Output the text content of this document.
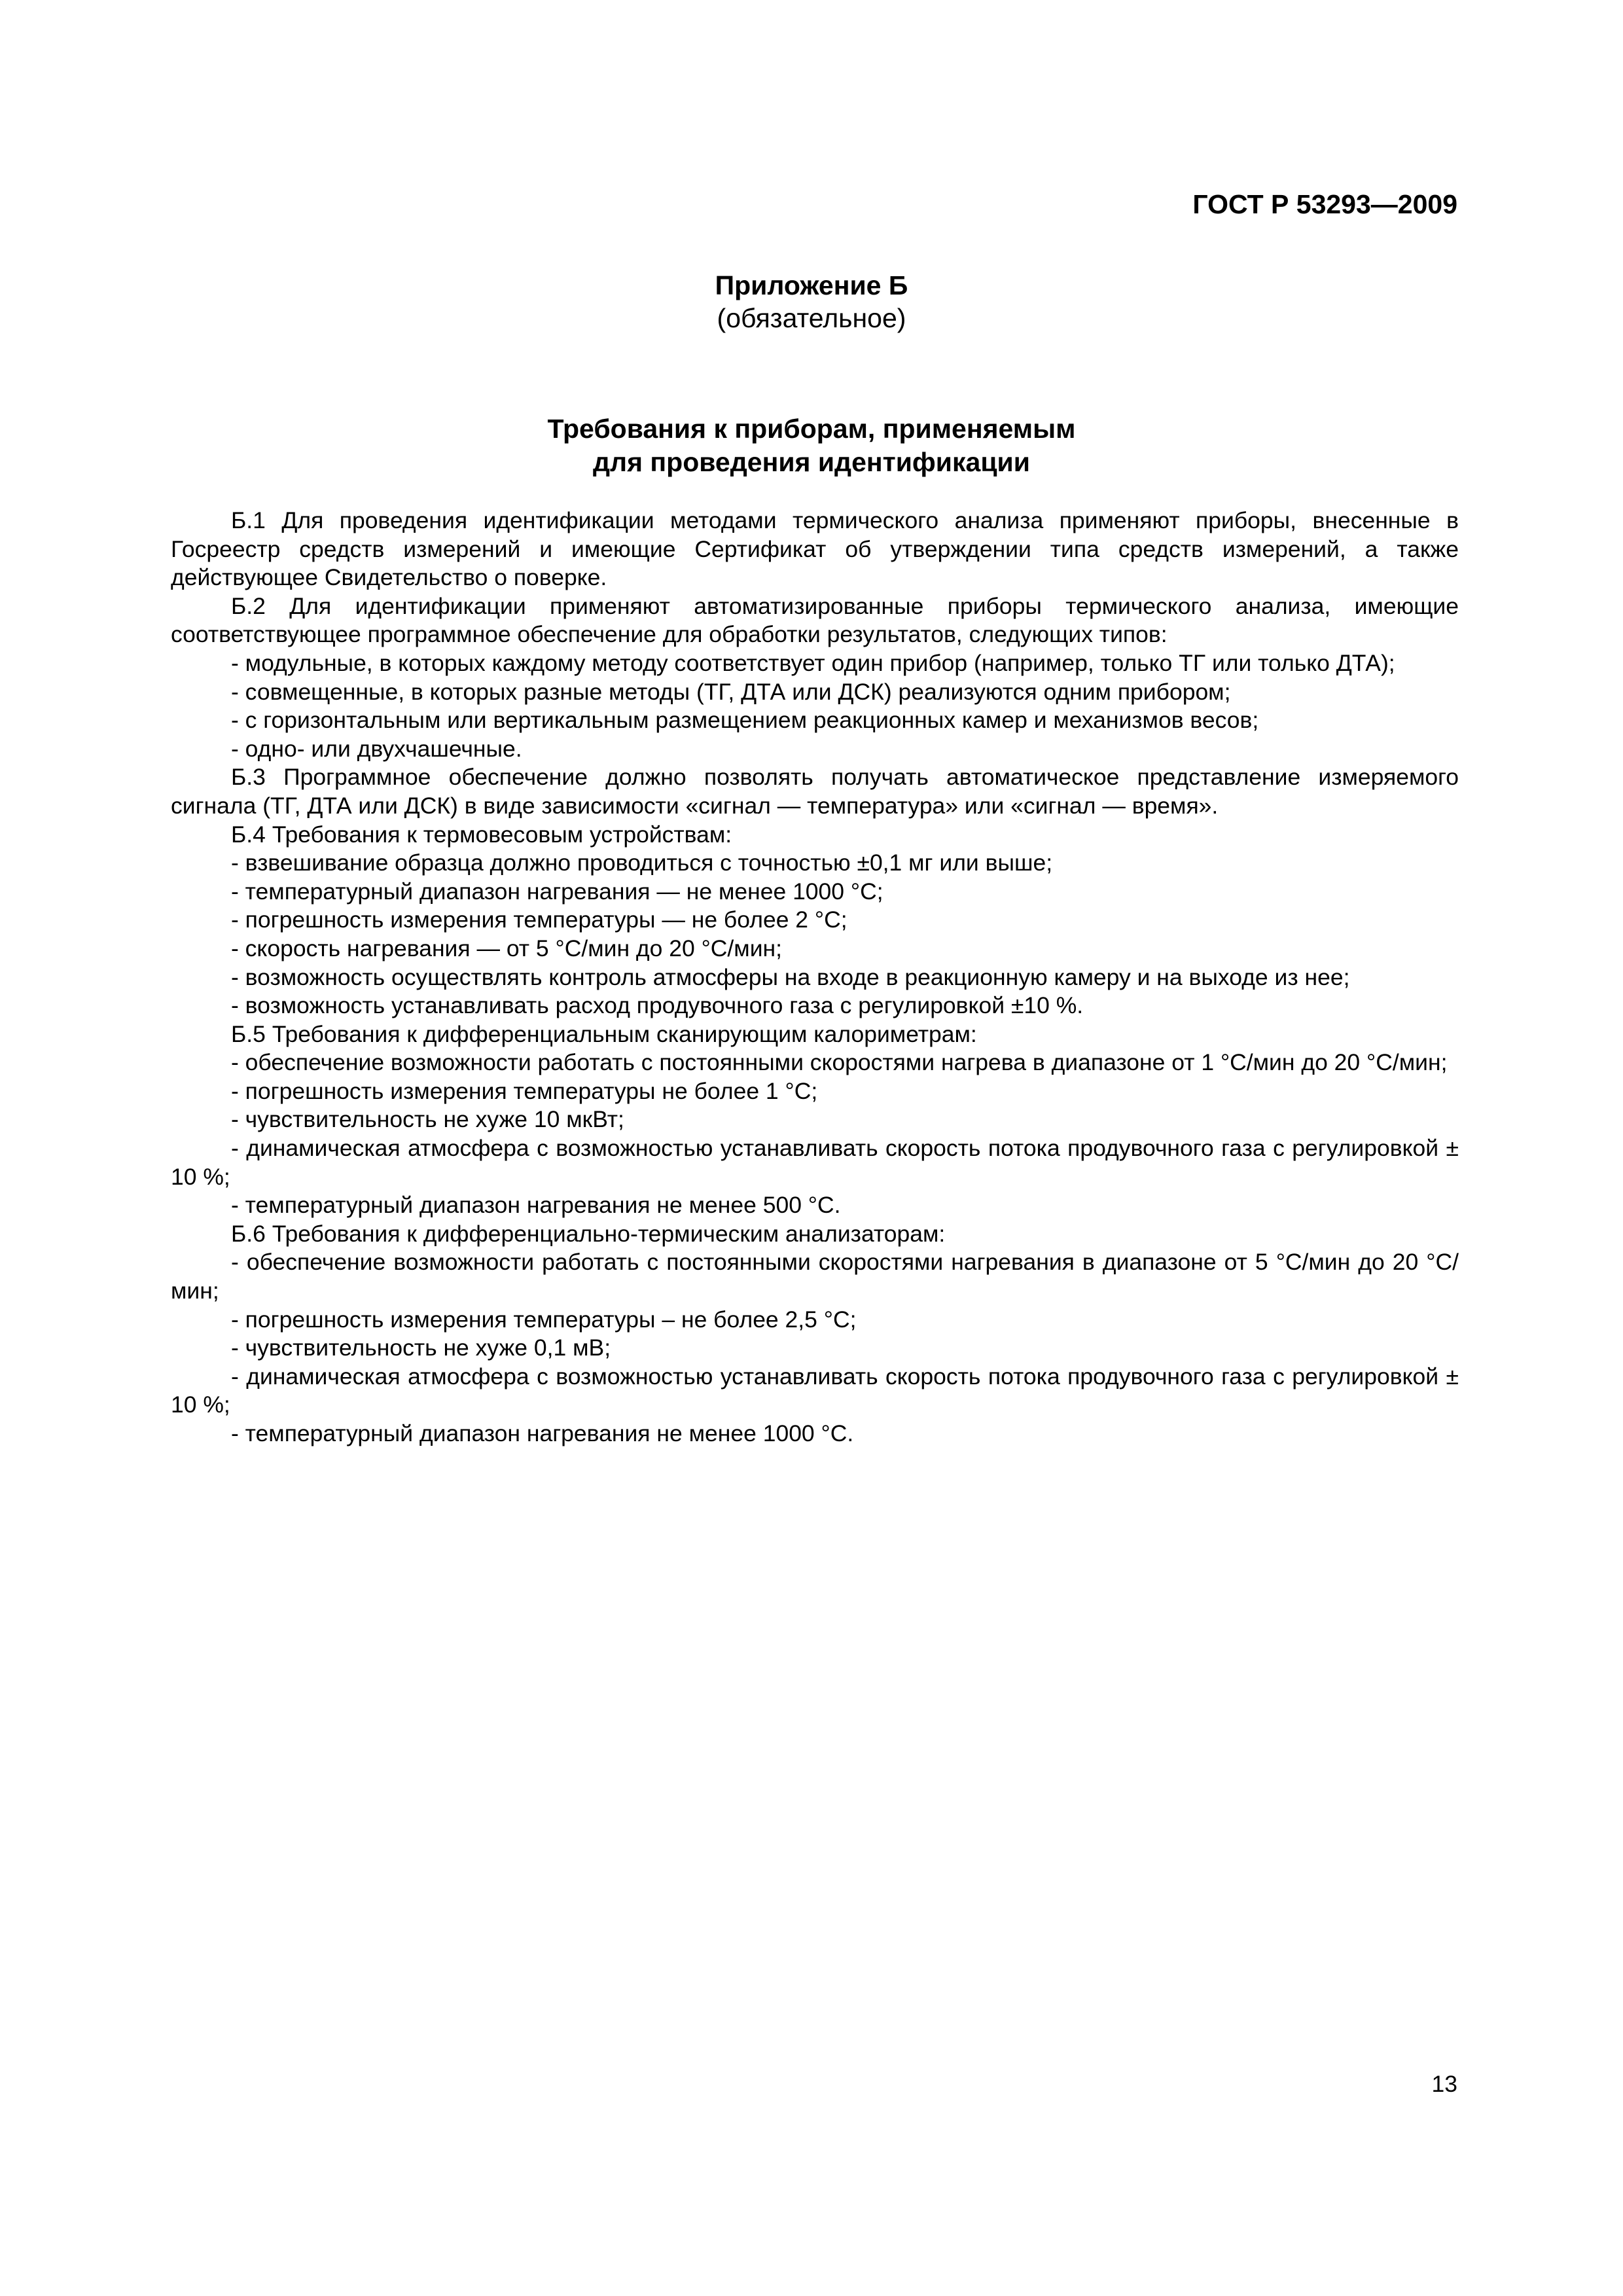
ГОСТ Р 53293—2009
Приложение Б
(обязательное)
Требования к приборам, применяемым
для проведения идентификации

Б.1 Для проведения идентификации методами термического анализа применяют приборы, внесенные в Госреестр средств измерений и имеющие Сертификат об утверждении типа средств измерений, а также действующее Свидетельство о поверке.

Б.2 Для идентификации применяют автоматизированные приборы термического анализа, имеющие соответствующее программное обеспечение для обработки результатов, следующих типов:

- модульные, в которых каждому методу соответствует один прибор (например, только ТГ или только ДТА);

- совмещенные, в которых разные методы (ТГ, ДТА или ДСК) реализуются одним прибором;

- с горизонтальным или вертикальным размещением реакционных камер и механизмов весов;

- одно- или двухчашечные.

Б.3 Программное обеспечение должно позволять получать автоматическое представление измеряемого сигнала (ТГ, ДТА или ДСК) в виде зависимости «сигнал — температура» или «сигнал — время».

Б.4 Требования к термовесовым устройствам:

- взвешивание образца должно проводиться с точностью ±0,1 мг или выше;

- температурный диапазон нагревания — не менее 1000 °С;

- погрешность измерения температуры — не более 2 °С;

- скорость нагревания — от 5 °С/мин до 20 °С/мин;

- возможность осуществлять контроль атмосферы на входе в реакционную камеру и на выходе из нее;

- возможность устанавливать расход продувочного газа с регулировкой ±10 %.

Б.5 Требования к дифференциальным сканирующим калориметрам:

- обеспечение возможности работать с постоянными скоростями нагрева в диапазоне от 1 °С/мин до 20 °С/мин;

- погрешность измерения температуры не более 1 °С;

- чувствительность не хуже 10 мкВт;

- динамическая атмосфера с возможностью устанавливать скорость потока продувочного газа с регулировкой ± 10 %;

- температурный диапазон нагревания не менее 500 °С.

Б.6 Требования к дифференциально-термическим анализаторам:

- обеспечение возможности работать с постоянными скоростями нагревания в диапазоне от 5 °С/мин до 20 °С/мин;

- погрешность измерения температуры – не более 2,5 °С;

- чувствительность не хуже 0,1 мВ;

- динамическая атмосфера с возможностью устанавливать скорость потока продувочного газа с регулировкой ± 10 %;

- температурный диапазон нагревания не менее 1000 °С.

13
